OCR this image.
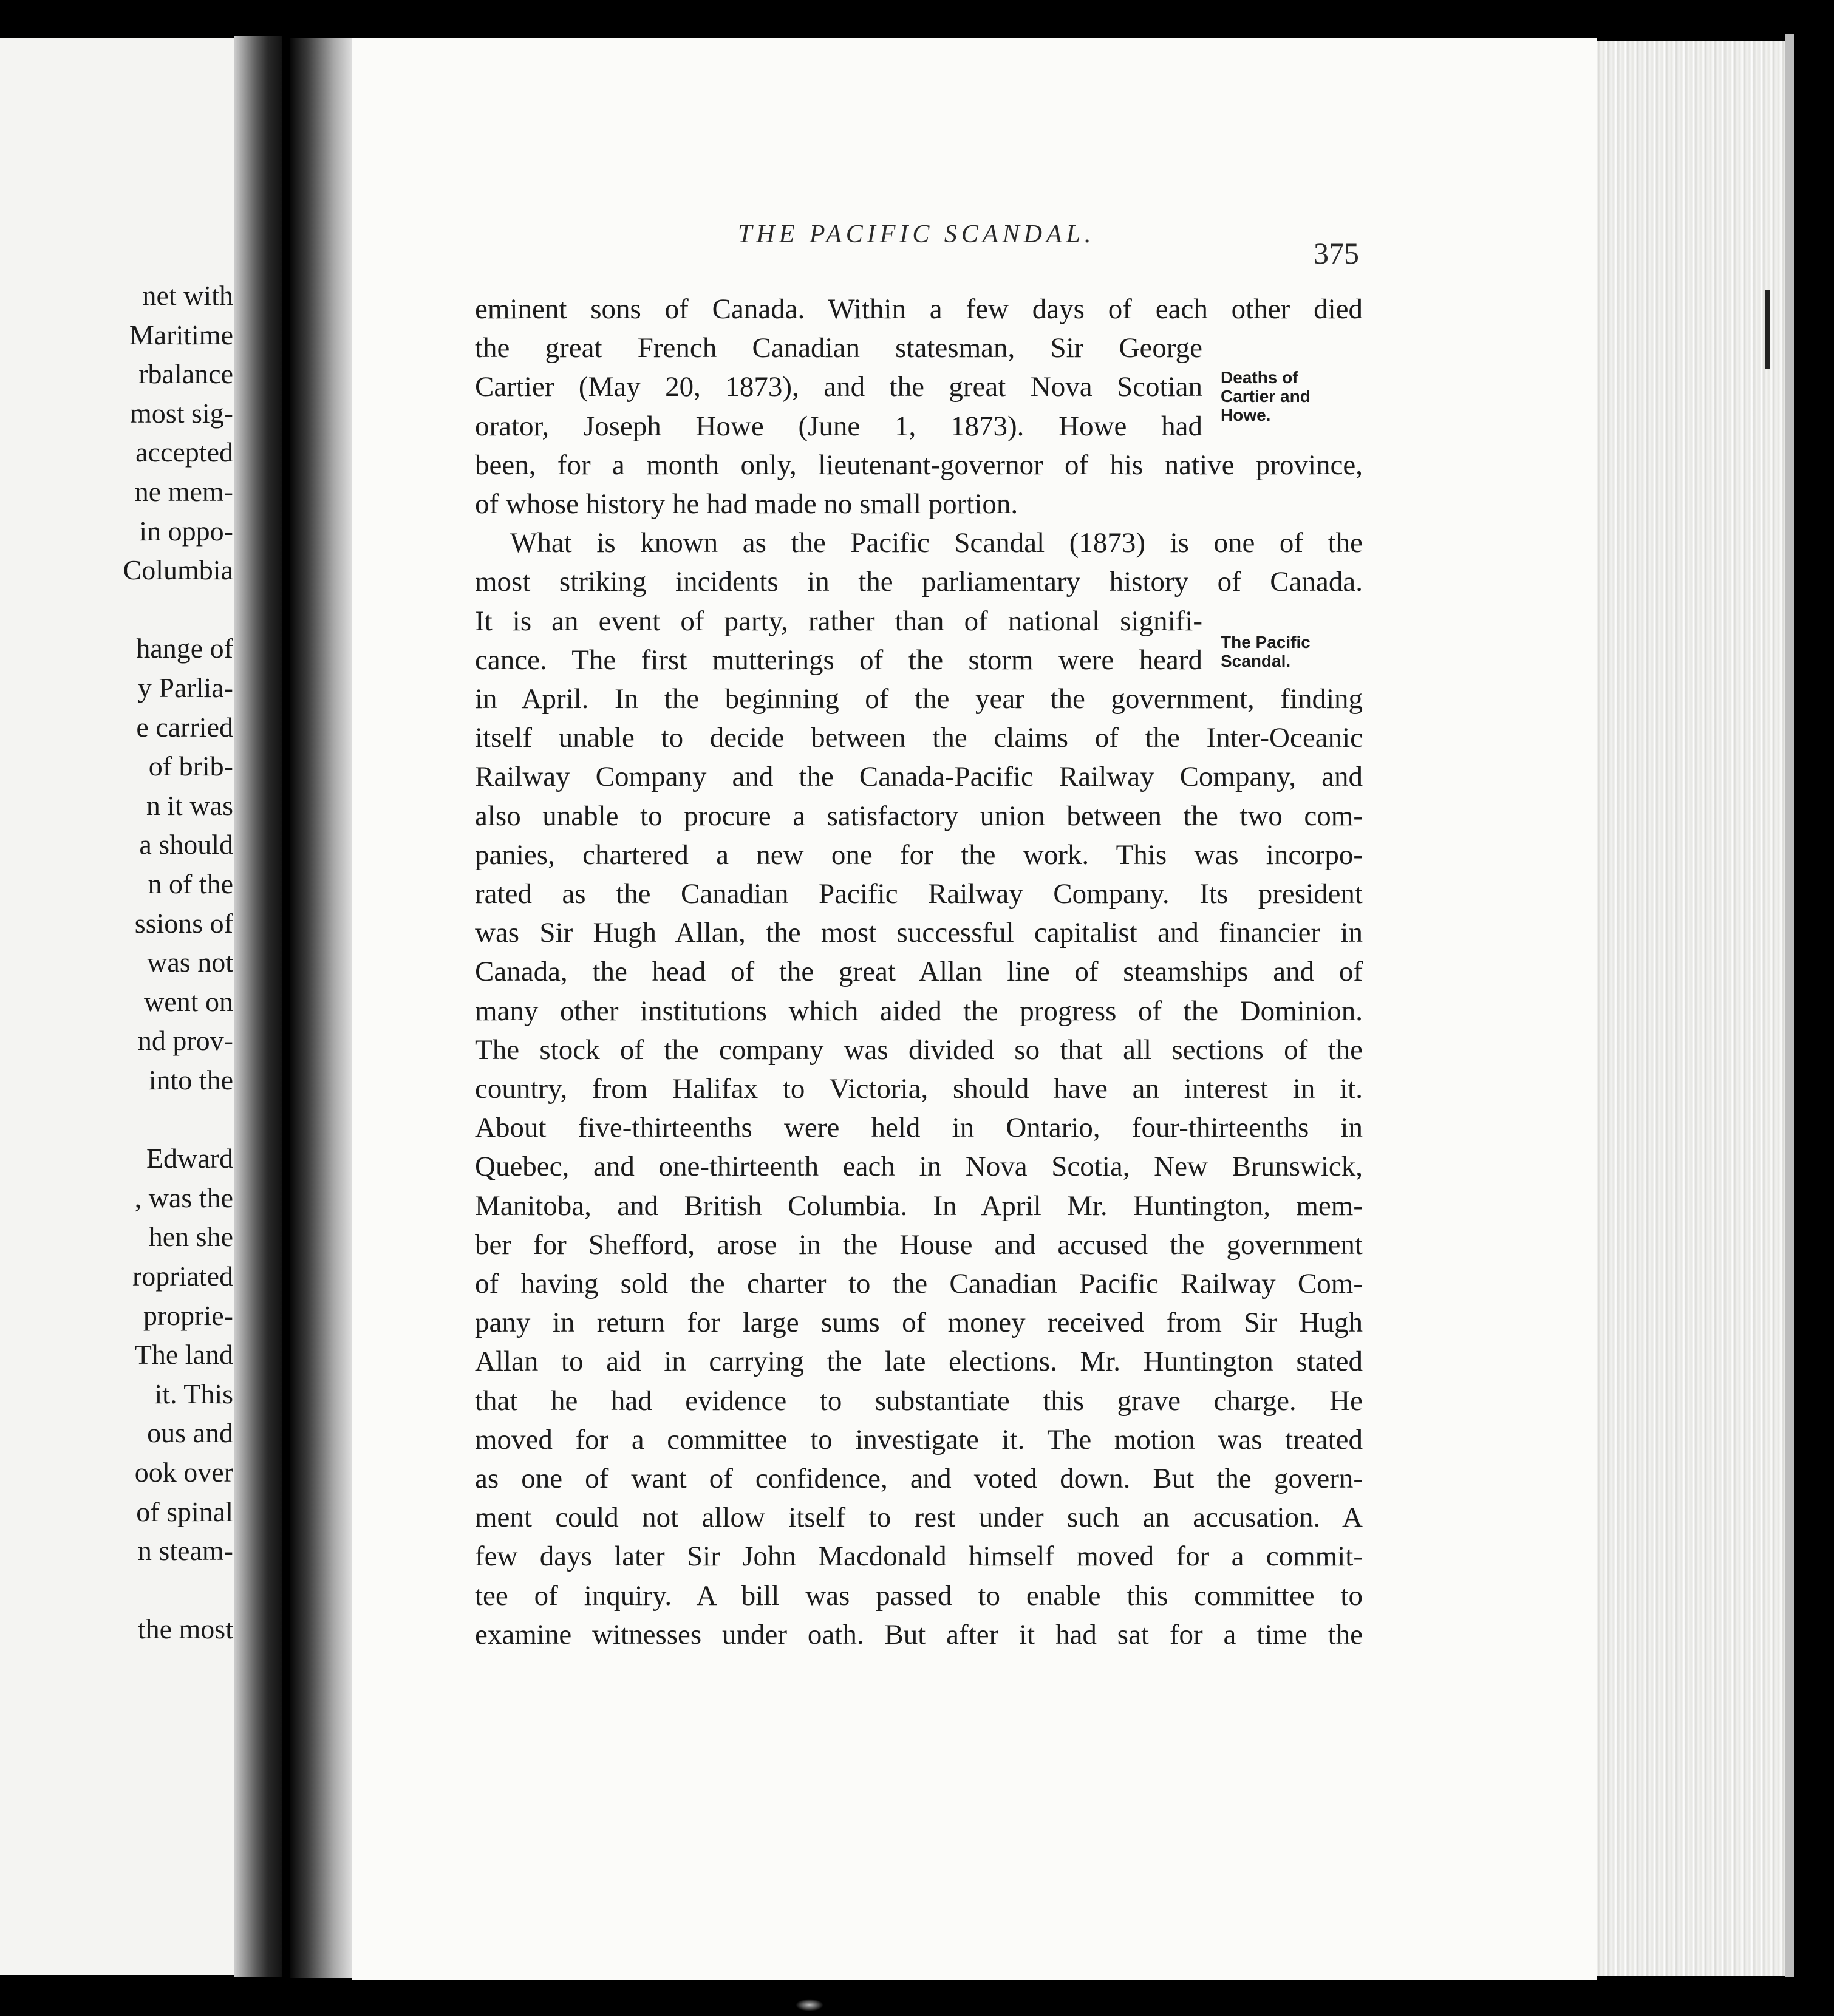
net with
Maritime
rbalance
most sig-
accepted
ne mem-
in oppo-
Columbia
hange of
y Parlia-
e carried
of brib-
n it was
a should
n of the
ssions of
was not
went on
nd prov-
into the
Edward
, was the
hen she
ropriated
proprie-
The land
it. This
ous and
ook over
of spinal
n steam-
the most
THE PACIFIC SCANDAL.
375
eminent sons of Canada. Within a few days of each other died
the great French Canadian statesman, Sir George
Cartier (May 20, 1873), and the great Nova Scotian
orator, Joseph Howe (June 1, 1873). Howe had
been, for a month only, lieutenant-governor of his native province,
of whose history he had made no small portion.
What is known as the Pacific Scandal (1873) is one of the
most striking incidents in the parliamentary history of Canada.
It is an event of party, rather than of national signifi-
cance. The first mutterings of the storm were heard
in April. In the beginning of the year the government, finding
itself unable to decide between the claims of the Inter-Oceanic
Railway Company and the Canada-Pacific Railway Company, and
also unable to procure a satisfactory union between the two com-
panies, chartered a new one for the work. This was incorpo-
rated as the Canadian Pacific Railway Company. Its president
was Sir Hugh Allan, the most successful capitalist and financier in
Canada, the head of the great Allan line of steamships and of
many other institutions which aided the progress of the Dominion.
The stock of the company was divided so that all sections of the
country, from Halifax to Victoria, should have an interest in it.
About five-thirteenths were held in Ontario, four-thirteenths in
Quebec, and one-thirteenth each in Nova Scotia, New Brunswick,
Manitoba, and British Columbia. In April Mr. Huntington, mem-
ber for Shefford, arose in the House and accused the government
of having sold the charter to the Canadian Pacific Railway Com-
pany in return for large sums of money received from Sir Hugh
Allan to aid in carrying the late elections. Mr. Huntington stated
that he had evidence to substantiate this grave charge. He
moved for a committee to investigate it. The motion was treated
as one of want of confidence, and voted down. But the govern-
ment could not allow itself to rest under such an accusation. A
few days later Sir John Macdonald himself moved for a commit-
tee of inquiry. A bill was passed to enable this committee to
examine witnesses under oath. But after it had sat for a time the
Deaths of
Cartier and
Howe.
The Pacific
Scandal.
